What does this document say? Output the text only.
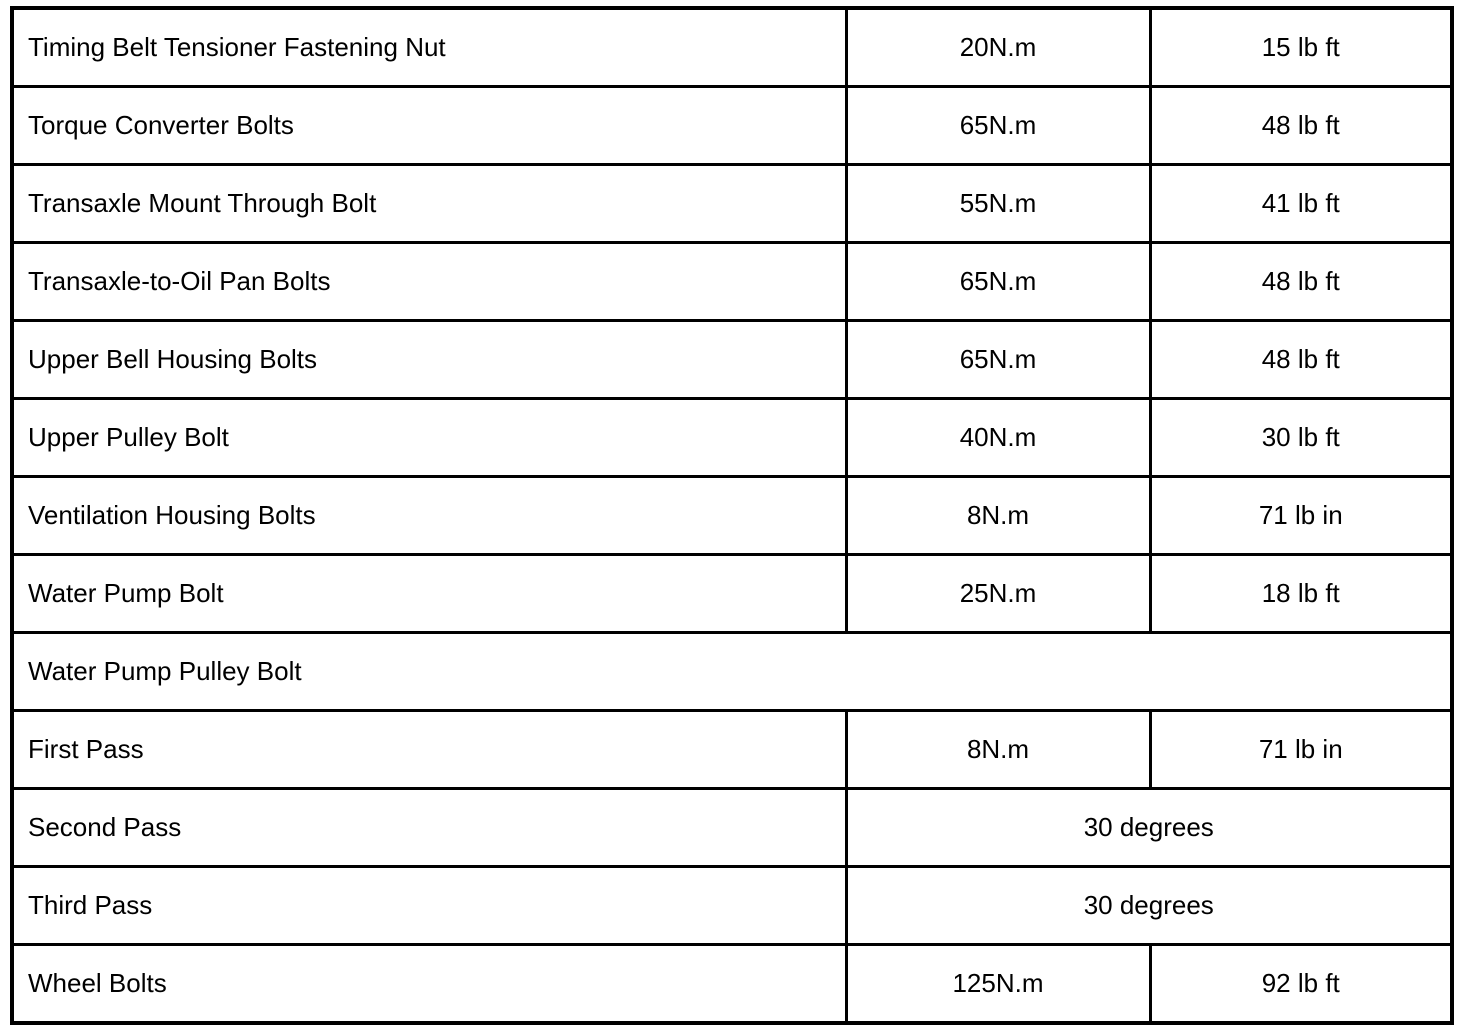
Timing Belt Tensioner Fastening Nut	20N.m	15 lb ft
Torque Converter Bolts	65N.m	48 lb ft
Transaxle Mount Through Bolt	55N.m	41 lb ft
Transaxle-to-Oil Pan Bolts	65N.m	48 lb ft
Upper Bell Housing Bolts	65N.m	48 lb ft
Upper Pulley Bolt	40N.m	30 lb ft
Ventilation Housing Bolts	8N.m	71 lb in
Water Pump Bolt	25N.m	18 lb ft
Water Pump Pulley Bolt		
First Pass	8N.m	71 lb in
Second Pass	30 degrees	
Third Pass	30 degrees	
Wheel Bolts	125N.m	92 lb ft
